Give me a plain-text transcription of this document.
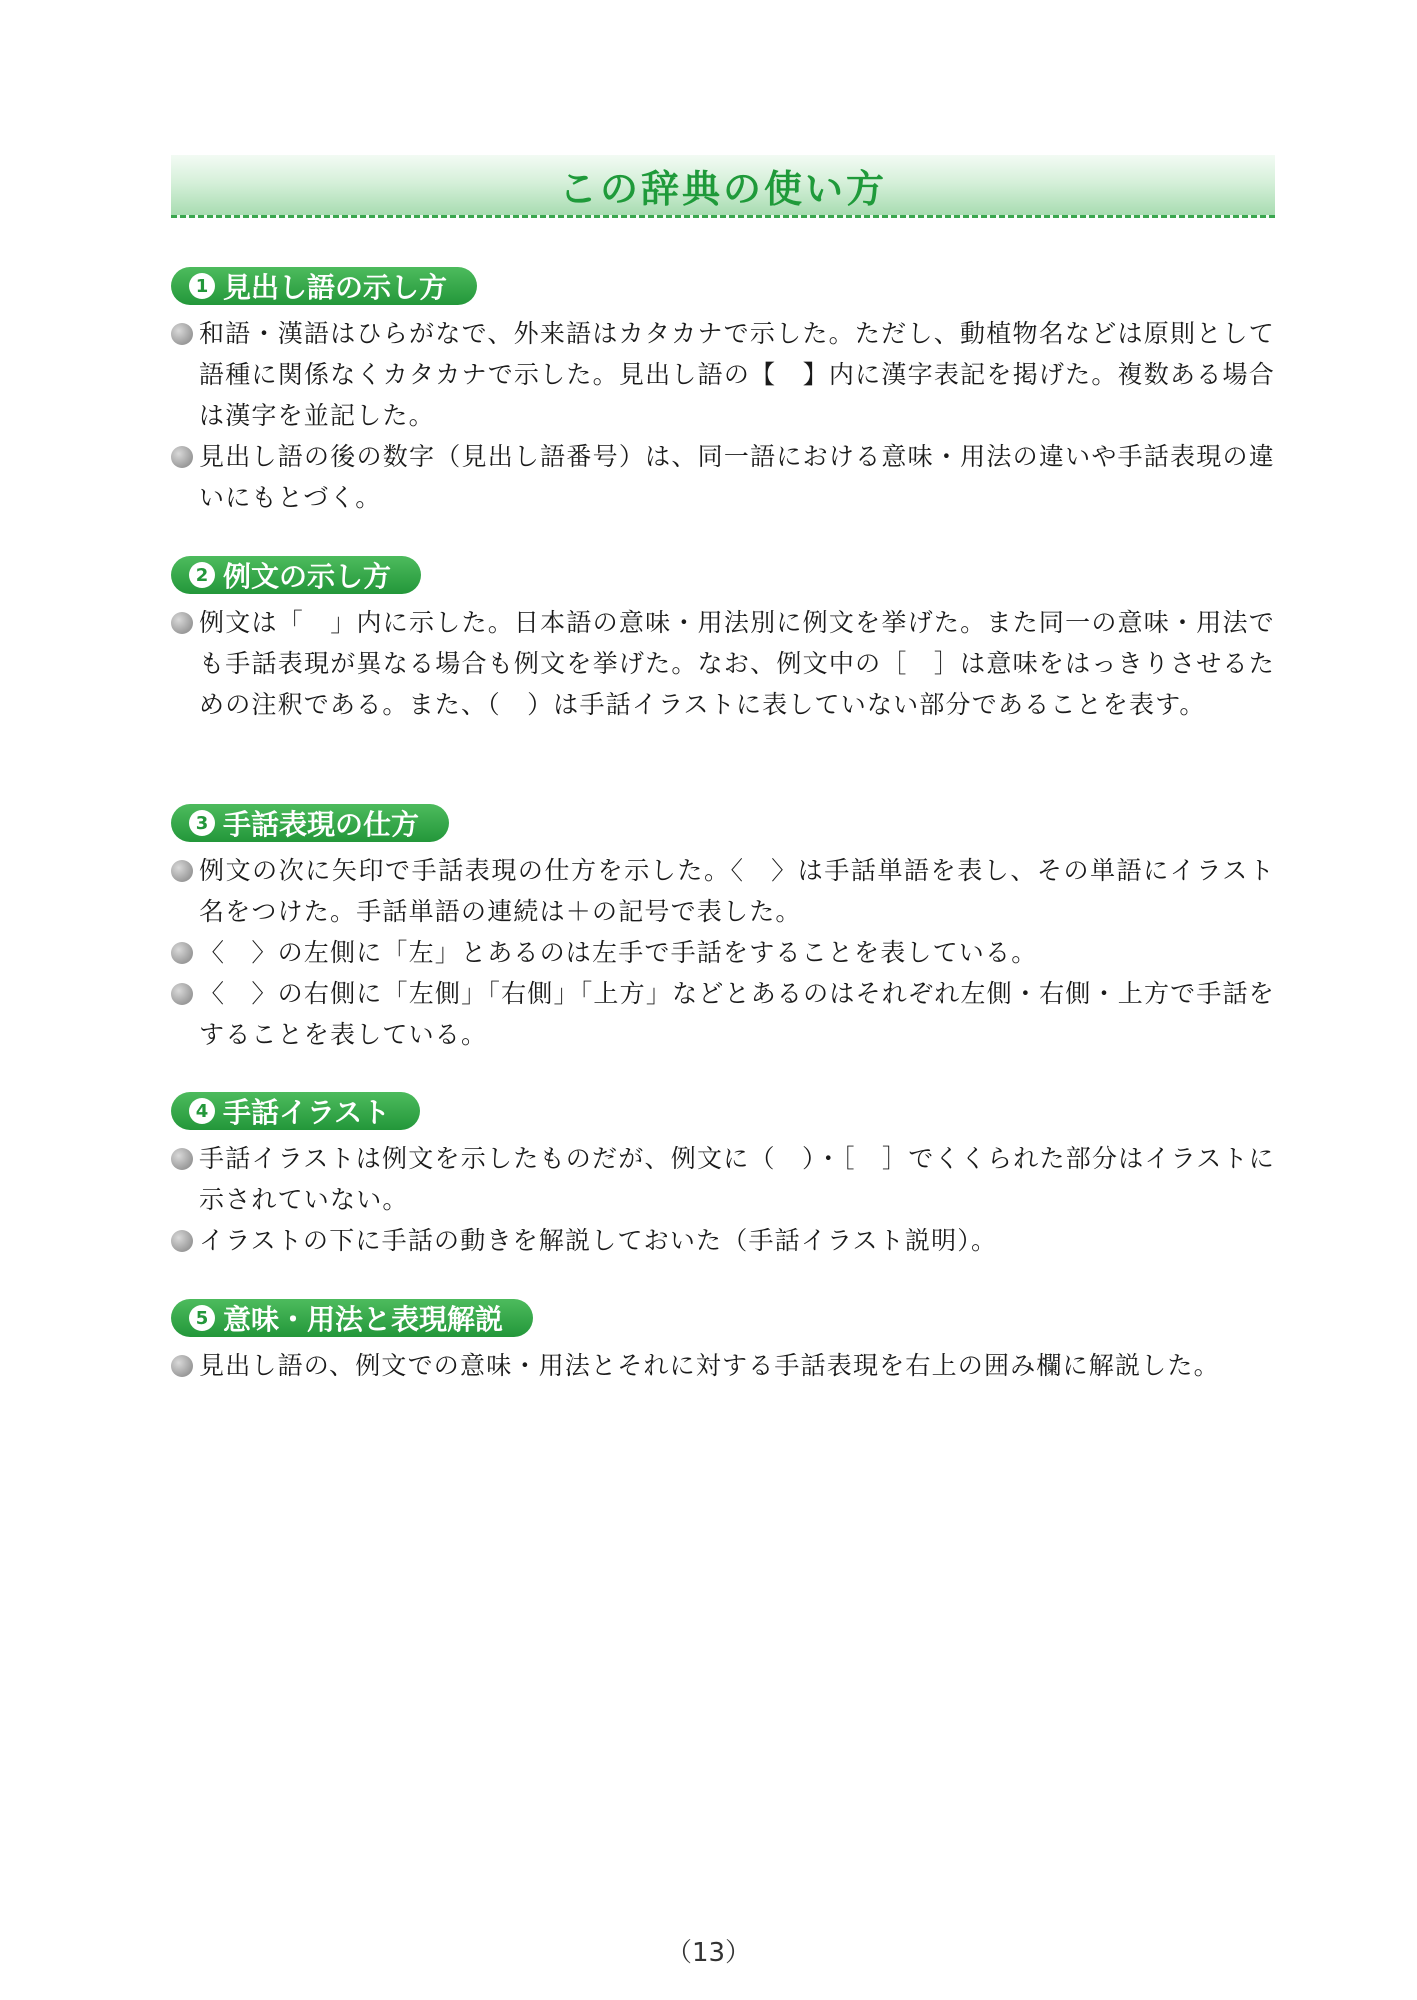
この辞典の使い方
1 見出し語の示し方
和語・漢語はひらがなで、外来語はカタカナで示した。ただし、動植物名などは原則として語種に関係なくカタカナで示した。見出し語の【　】内に漢字表記を掲げた。複数ある場合は漢字を並記した。
見出し語の後の数字（見出し語番号）は、同一語における意味・用法の違いや手話表現の違いにもとづく。
2 例文の示し方
例文は「　」内に示した。日本語の意味・用法別に例文を挙げた。また同一の意味・用法でも手話表現が異なる場合も例文を挙げた。なお、例文中の［　］は意味をはっきりさせるための注釈である。また、（　）は手話イラストに表していない部分であることを表す。
3 手話表現の仕方
例文の次に矢印で手話表現の仕方を示した。〈　〉は手話単語を表し、その単語にイラスト名をつけた。手話単語の連続は＋の記号で表した。
〈　〉の左側に「左」とあるのは左手で手話をすることを表している。
〈　〉の右側に「左側」「右側」「上方」などとあるのはそれぞれ左側・右側・上方で手話をすることを表している。
4 手話イラスト
手話イラストは例文を示したものだが、例文に（　）・［　］でくくられた部分はイラストに示されていない。
イラストの下に手話の動きを解説しておいた（手話イラスト説明）。
5 意味・用法と表現解説
見出し語の、例文での意味・用法とそれに対する手話表現を右上の囲み欄に解説した。
（13）
